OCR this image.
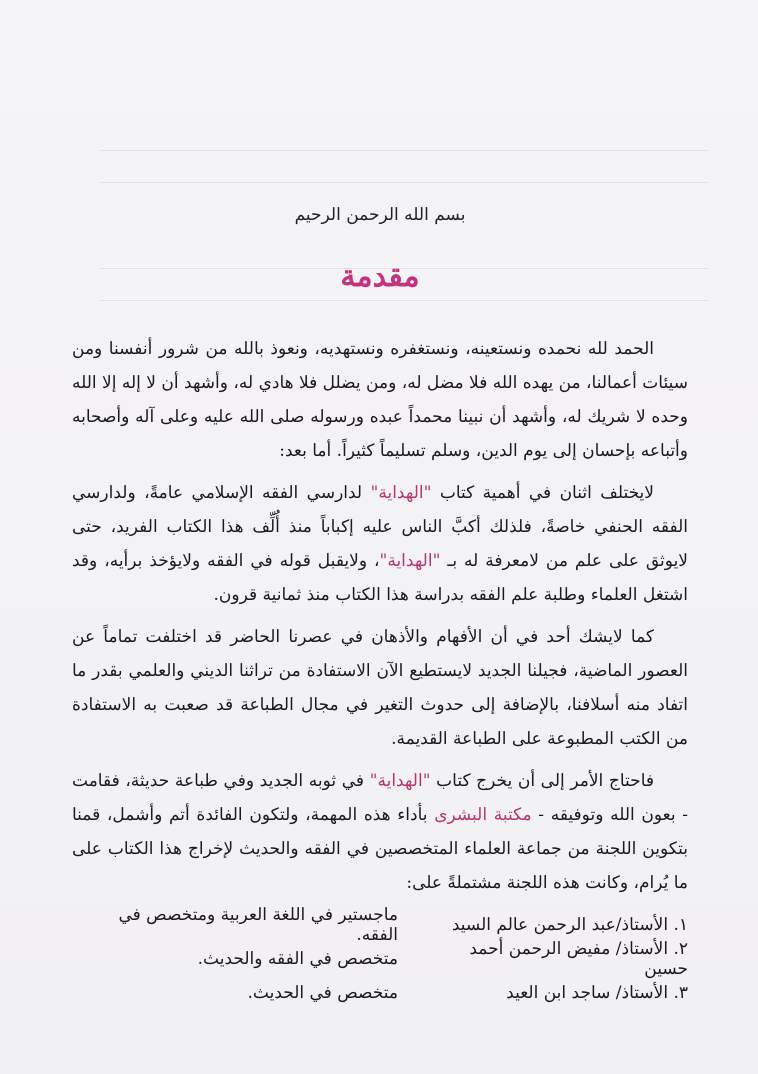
بسم الله الرحمن الرحيم
مقدمة

الحمد لله نحمده ونستعينه، ونستغفره ونستهديه، ونعوذ بالله من شرور أنفسنا ومن سيئات أعمالنا، من يهده الله فلا مضل له، ومن يضلل فلا هادي له، وأشهد أن لا إله إلا الله وحده لا شريك له، وأشهد أن نبينا محمداً عبده ورسوله صلى الله عليه وعلى آله وأصحابه وأتباعه بإحسان إلى يوم الدين، وسلم تسليماً كثيراً. أما بعد:

لايختلف اثنان في أهمية كتاب "الهداية" لدارسي الفقه الإسلامي عامةً، ولدارسي الفقه الحنفي خاصةً، فلذلك أكبَّ الناس عليه إكباباً منذ أُلِّف هذا الكتاب الفريد، حتى لايوثق على علم من لامعرفة له بـ "الهداية"، ولايقبل قوله في الفقه ولايؤخذ برأيه، وقد اشتغل العلماء وطلبة علم الفقه بدراسة هذا الكتاب منذ ثمانية قرون.

كما لايشك أحد في أن الأفهام والأذهان في عصرنا الحاضر قد اختلفت تماماً عن العصور الماضية، فجيلنا الجديد لايستطيع الآن الاستفادة من تراثنا الديني والعلمي بقدر ما اتفاد منه أسلافنا، بالإضافة إلى حدوث التغير في مجال الطباعة قد صعبت به الاستفادة من الكتب المطبوعة على الطباعة القديمة.

فاحتاج الأمر إلى أن يخرج كتاب "الهداية" في ثوبه الجديد وفي طباعة حديثة، فقامت - بعون الله وتوفيقه - مكتبة البشرى بأداء هذه المهمة، ولتكون الفائدة أتم وأشمل، قمنا بتكوين اللجنة من جماعة العلماء المتخصصين في الفقه والحديث لإخراج هذا الكتاب على ما يُرام، وكانت هذه اللجنة مشتملةً على:

١. الأستاذ/عبد الرحمن عالم السيد
ماجستير في اللغة العربية ومتخصص في الفقه.
٢. الأستاذ/ مفيض الرحمن أحمد حسين
متخصص في الفقه والحديث.
٣. الأستاذ/ ساجد ابن العيد
متخصص في الحديث.
